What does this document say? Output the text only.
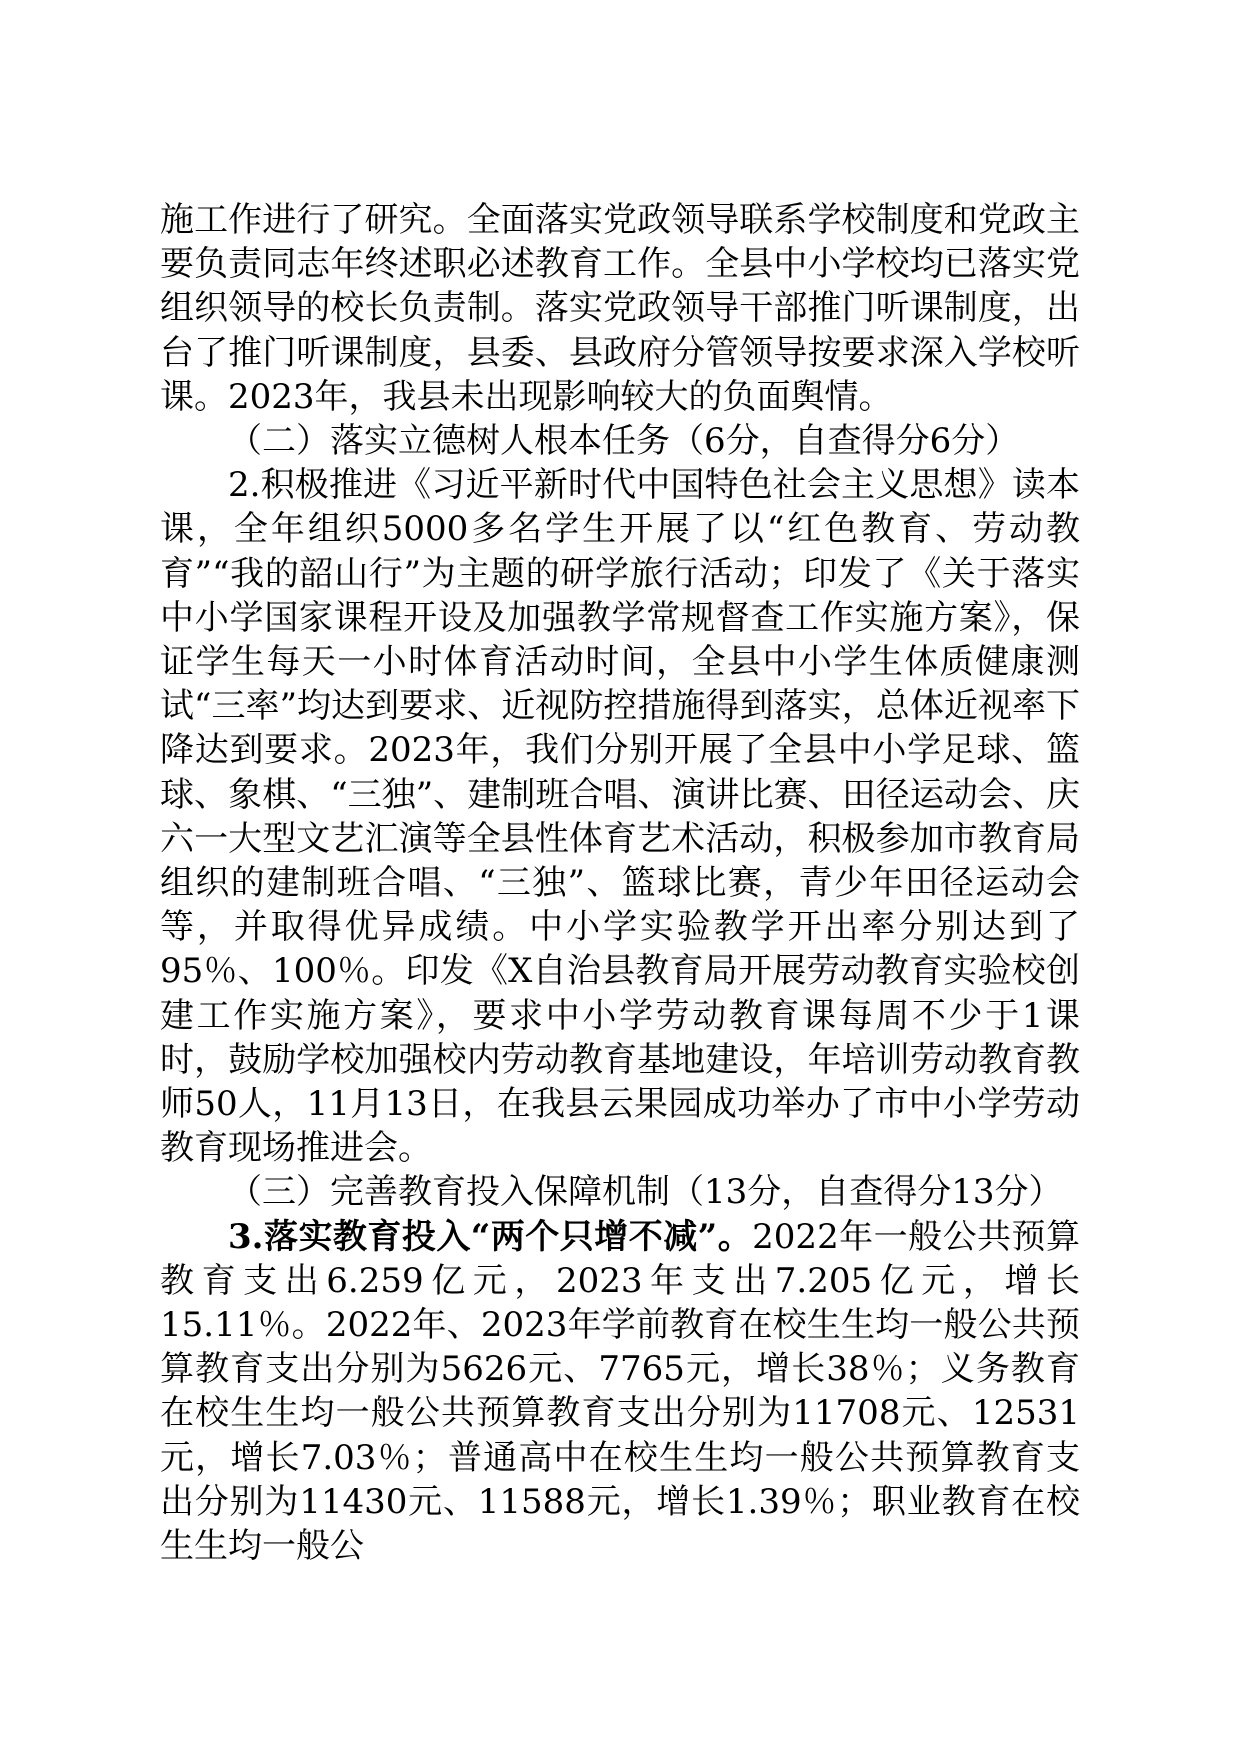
施工作进行了研究。全面落实党政领导联系学校制度和党政主要负责同志年终述职必述教育工作。全县中小学校均已落实党组织领导的校长负责制。落实党政领导干部推门听课制度，出台了推门听课制度，县委、县政府分管领导按要求深入学校听课。2023年，我县未出现影响较大的负面舆情。

（二）落实立德树人根本任务（6分，自查得分6分）

2.积极推进《习近平新时代中国特色社会主义思想》读本课，全年组织5000多名学生开展了以“红色教育、劳动教育”“我的韶山行”为主题的研学旅行活动；印发了《关于落实中小学国家课程开设及加强教学常规督查工作实施方案》，保证学生每天一小时体育活动时间，全县中小学生体质健康测试“三率”均达到要求、近视防控措施得到落实，总体近视率下降达到要求。2023年，我们分别开展了全县中小学足球、篮球、象棋、“三独”、建制班合唱、演讲比赛、田径运动会、庆六一大型文艺汇演等全县性体育艺术活动，积极参加市教育局组织的建制班合唱、“三独”、篮球比赛，青少年田径运动会等，并取得优异成绩。中小学实验教学开出率分别达到了95％、100％。印发《X自治县教育局开展劳动教育实验校创建工作实施方案》，要求中小学劳动教育课每周不少于1课时，鼓励学校加强校内劳动教育基地建设，年培训劳动教育教师50人，11月13日，在我县云果园成功举办了市中小学劳动教育现场推进会。

（三）完善教育投入保障机制（13分，自查得分13分）

3.落实教育投入“两个只增不减”。2022年一般公共预算教育支出6.259亿元，2023年支出7.205亿元，增长15.11％。2022年、2023年学前教育在校生生均一般公共预算教育支出分别为5626元、7765元，增长38％；义务教育在校生生均一般公共预算教育支出分别为11708元、12531元，增长7.03％；普通高中在校生生均一般公共预算教育支出分别为11430元、11588元，增长1.39％；职业教育在校生生均一般公
